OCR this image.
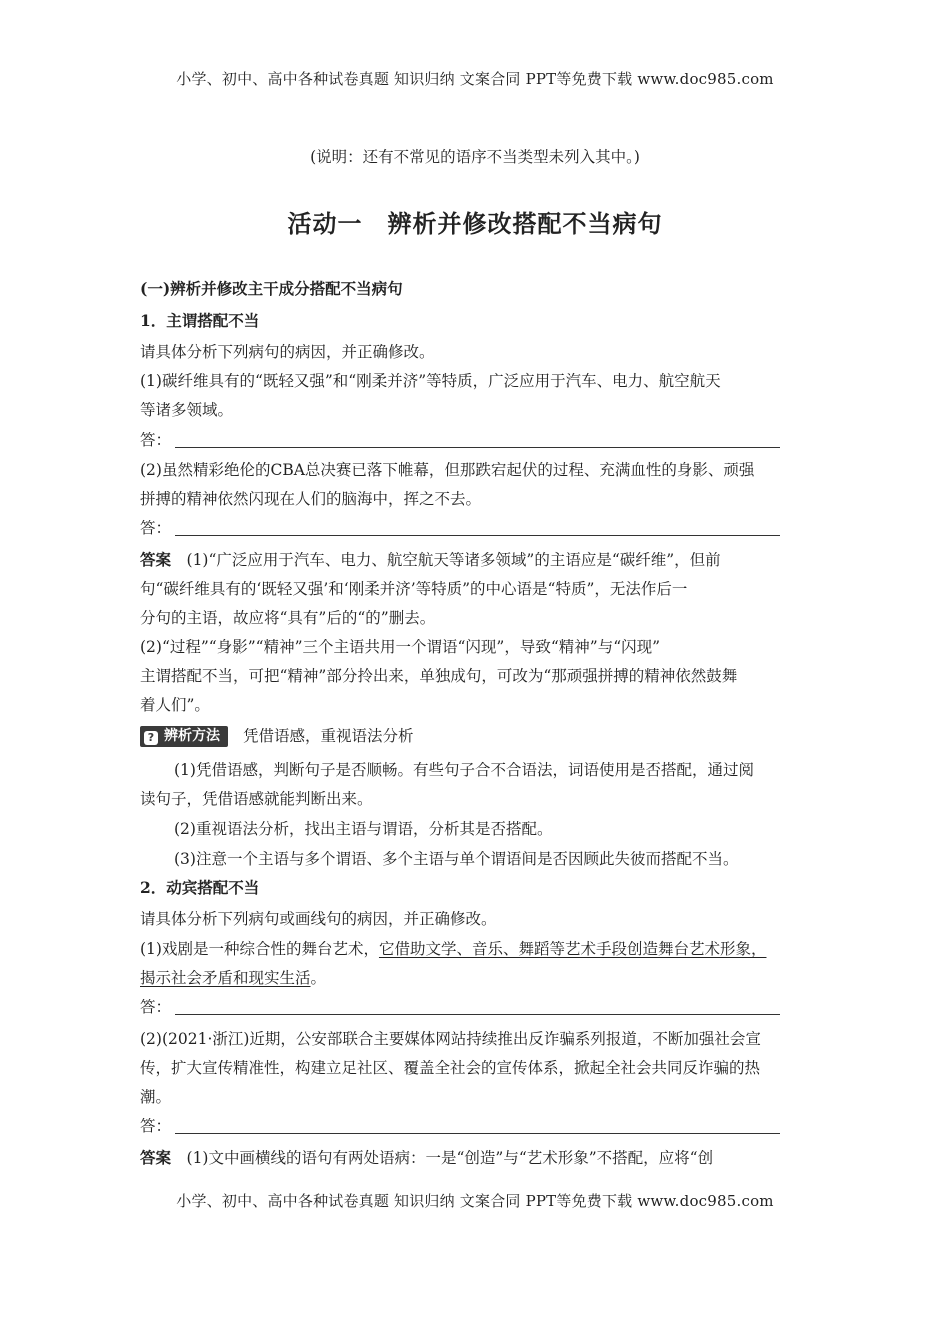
小学、初中、高中各种试卷真题 知识归纳 文案合同 PPT等免费下载 www.doc985.com
(说明：还有不常见的语序不当类型未列入其中。)
活动一　辨析并修改搭配不当病句
(一)辨析并修改主干成分搭配不当病句
1．主谓搭配不当
请具体分析下列病句的病因，并正确修改。
(1)碳纤维具有的“既轻又强”和“刚柔并济”等特质，广泛应用于汽车、电力、航空航天
等诸多领域。
答：
(2)虽然精彩绝伦的CBA总决赛已落下帷幕，但那跌宕起伏的过程、充满血性的身影、顽强
拼搏的精神依然闪现在人们的脑海中，挥之不去。
答：
答案　(1)“广泛应用于汽车、电力、航空航天等诸多领域”的主语应是“碳纤维”，但前
句“碳纤维具有的‘既轻又强’和‘刚柔并济’等特质”的中心语是“特质”，无法作后一
分句的主语，故应将“具有”后的“的”删去。
(2)“过程”“身影”“精神”三个主语共用一个谓语“闪现”，导致“精神”与“闪现”
主谓搭配不当，可把“精神”部分拎出来，单独成句，可改为“那顽强拼搏的精神依然鼓舞
着人们”。
? 辨析方法 凭借语感，重视语法分析
(1)凭借语感，判断句子是否顺畅。有些句子合不合语法，词语使用是否搭配，通过阅
读句子，凭借语感就能判断出来。
(2)重视语法分析，找出主语与谓语，分析其是否搭配。
(3)注意一个主语与多个谓语、多个主语与单个谓语间是否因顾此失彼而搭配不当。
2．动宾搭配不当
请具体分析下列病句或画线句的病因，并正确修改。
(1)戏剧是一种综合性的舞台艺术，它借助文学、音乐、舞蹈等艺术手段创造舞台艺术形象，
揭示社会矛盾和现实生活。
答：
(2)(2021·浙江)近期，公安部联合主要媒体网站持续推出反诈骗系列报道，不断加强社会宣
传，扩大宣传精准性，构建立足社区、覆盖全社会的宣传体系，掀起全社会共同反诈骗的热
潮。
答：
答案　(1)文中画横线的语句有两处语病：一是“创造”与“艺术形象”不搭配，应将“创
小学、初中、高中各种试卷真题 知识归纳 文案合同 PPT等免费下载 www.doc985.com
